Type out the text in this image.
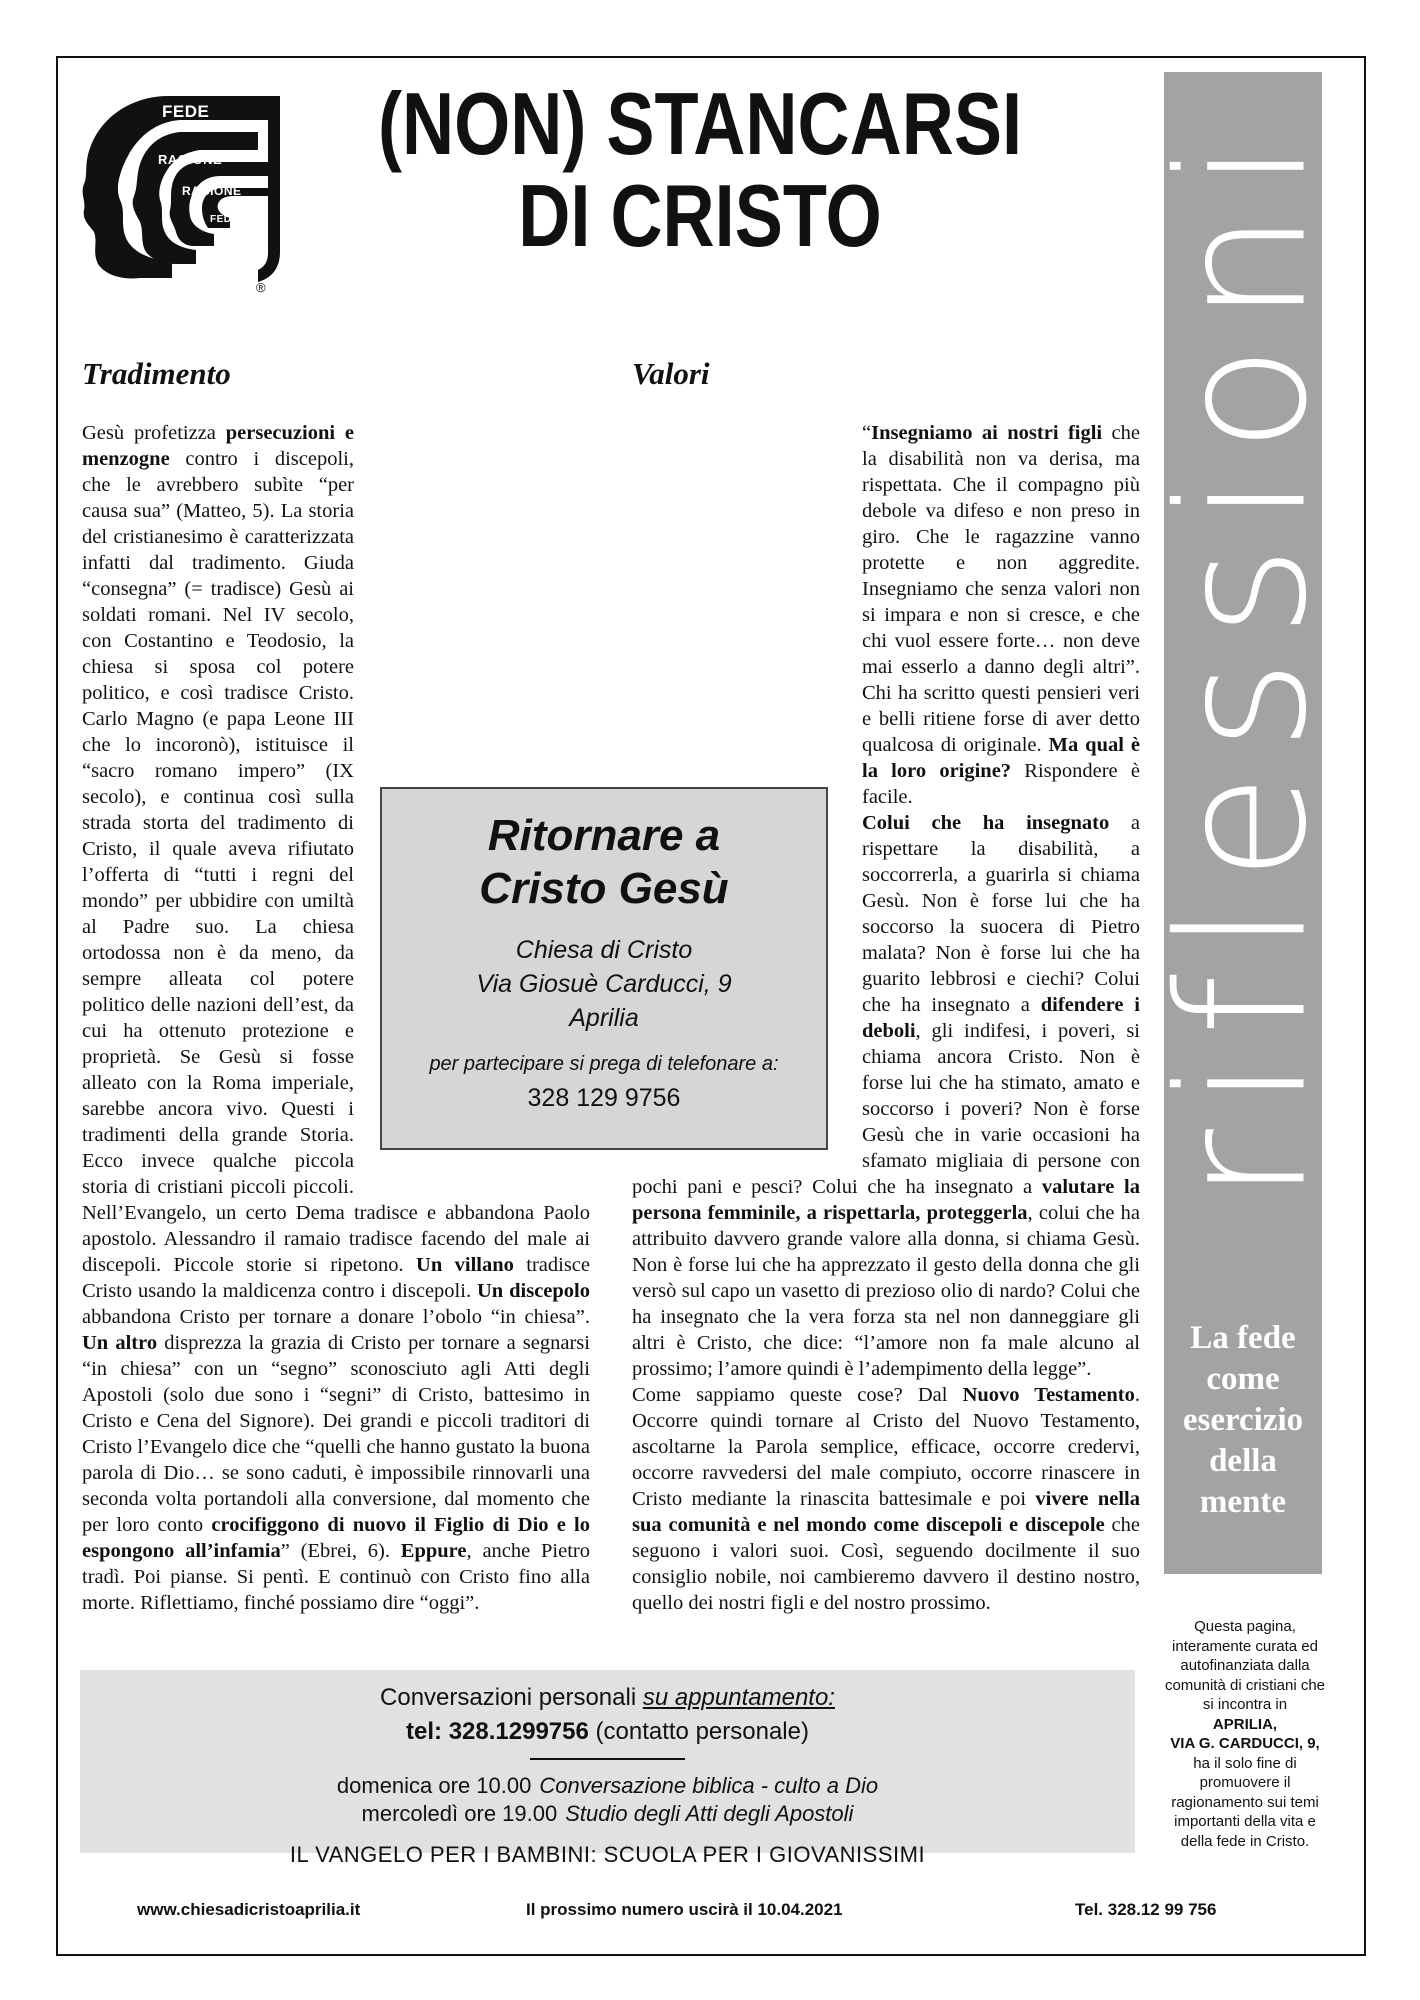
FEDE
RAGIONE
RAGIONE
FEDE
®
(NON) STANCARSI
DI CRISTO	riflessioni
La fede
come
esercizio
della
mente
Tradimento	Valori
Gesù profetizza persecuzioni e menzogne contro i discepoli, che le avrebbero subìte “per causa sua” (Matteo, 5). La storia del cristianesimo è caratterizzata infatti dal tradimento. Giuda “consegna” (= tradisce) Gesù ai soldati romani. Nel IV secolo, con Costantino e Teodosio, la chiesa si sposa col potere politico, e così tradisce Cristo. Carlo Magno (e papa Leone III che lo incoronò), istituisce il “sacro romano impero” (IX secolo), e continua così sulla strada storta del tradimento di Cristo, il quale aveva rifiutato l’offerta di “tutti i regni del mondo” per ubbidire con umiltà al Padre suo. La chiesa ortodossa non è da meno, da sempre alleata col potere politico delle nazioni dell’est, da cui ha ottenuto protezione e proprietà. Se Gesù si fosse alleato con la Roma imperiale, sarebbe ancora vivo. Questi i tradimenti della grande Storia. Ecco invece qualche piccola storia di cristiani piccoli piccoli. Nell’Evangelo, un certo Dema tradisce e abbandona Paolo apostolo. Alessandro il ramaio tradisce facendo del male ai discepoli. Piccole storie si ripetono. Un villano tradisce Cristo usando la maldicenza contro i discepoli. Un discepolo abbandona Cristo per tornare a donare l’obolo “in chiesa”. Un altro disprezza la grazia di Cristo per tornare a segnarsi “in chiesa” con un “segno” sconosciuto agli Atti degli Apostoli (solo due sono i “segni” di Cristo, battesimo in Cristo e Cena del Signore). Dei grandi e piccoli traditori di Cristo l’Evangelo dice che “quelli che hanno gustato la buona parola di Dio… se sono caduti, è impossibile rinnovarli una seconda volta portandoli alla conversione, dal momento che per loro conto crocifiggono di nuovo il Figlio di Dio e lo espongono all’infamia” (Ebrei, 6). Eppure, anche Pietro tradì. Poi pianse. Si pentì. E continuò con Cristo fino alla morte. Riflettiamo, finché possiamo dire “oggi”.
“Insegniamo ai nostri figli che la disabilità non va derisa, ma rispettata. Che il compagno più debole va difeso e non preso in giro. Che le ragazzine vanno protette e non aggredite. Insegniamo che senza valori non si impara e non si cresce, e che chi vuol essere forte… non deve mai esserlo a danno degli altri”. Chi ha scritto questi pensieri veri e belli ritiene forse di aver detto qualcosa di originale. Ma qual è la loro origine? Rispondere è facile.
Colui che ha insegnato a rispettare la disabilità, a soccorrerla, a guarirla si chiama Gesù. Non è forse lui che ha soccorso la suocera di Pietro malata? Non è forse lui che ha guarito lebbrosi e ciechi? Colui che ha insegnato a difendere i deboli, gli indifesi, i poveri, si chiama ancora Cristo. Non è forse lui che ha stimato, amato e soccorso i poveri? Non è forse Gesù che in varie occasioni ha sfamato migliaia di persone con pochi pani e pesci? Colui che ha insegnato a valutare la persona femminile, a rispettarla, proteggerla, colui che ha attribuito davvero grande valore alla donna, si chiama Gesù. Non è forse lui che ha apprezzato il gesto della donna che gli versò sul capo un vasetto di prezioso olio di nardo? Colui che ha insegnato che la vera forza sta nel non danneggiare gli altri è Cristo, che dice: “l’amore non fa male alcuno al prossimo; l’amore quindi è l’adempimento della legge”.
Come sappiamo queste cose? Dal Nuovo Testamento. Occorre quindi tornare al Cristo del Nuovo Testamento, ascoltarne la Parola semplice, efficace, occorre credervi, occorre ravvedersi del male compiuto, occorre rinascere in Cristo mediante la rinascita battesimale e poi vivere nella sua comunità e nel mondo come discepoli e discepole che seguono i valori suoi. Così, seguendo docilmente il suo consiglio nobile, noi cambieremo davvero il destino nostro, quello dei nostri figli e del nostro prossimo.
Ritornare a
Cristo Gesù
Chiesa di Cristo
Via Giosuè Carducci, 9
Aprilia
per partecipare si prega di telefonare a:
328 129 9756
Conversazioni personali su appuntamento:
tel: 328.1299756 (contatto personale)
domenica ore 10.00 Conversazione biblica - culto a Dio
mercoledì ore 19.00 Studio degli Atti degli Apostoli
IL VANGELO PER I BAMBINI: SCUOLA PER I GIOVANISSIMI
Questa pagina, interamente curata ed autofinanziata dalla comunità di cristiani che si incontra in
APRILIA,
VIA G. CARDUCCI, 9,
ha il solo fine di promuovere il ragionamento sui temi importanti della vita e della fede in Cristo.
www.chiesadicristoaprilia.it	Il prossimo numero uscirà il 10.04.2021	Tel. 328.12 99 756
